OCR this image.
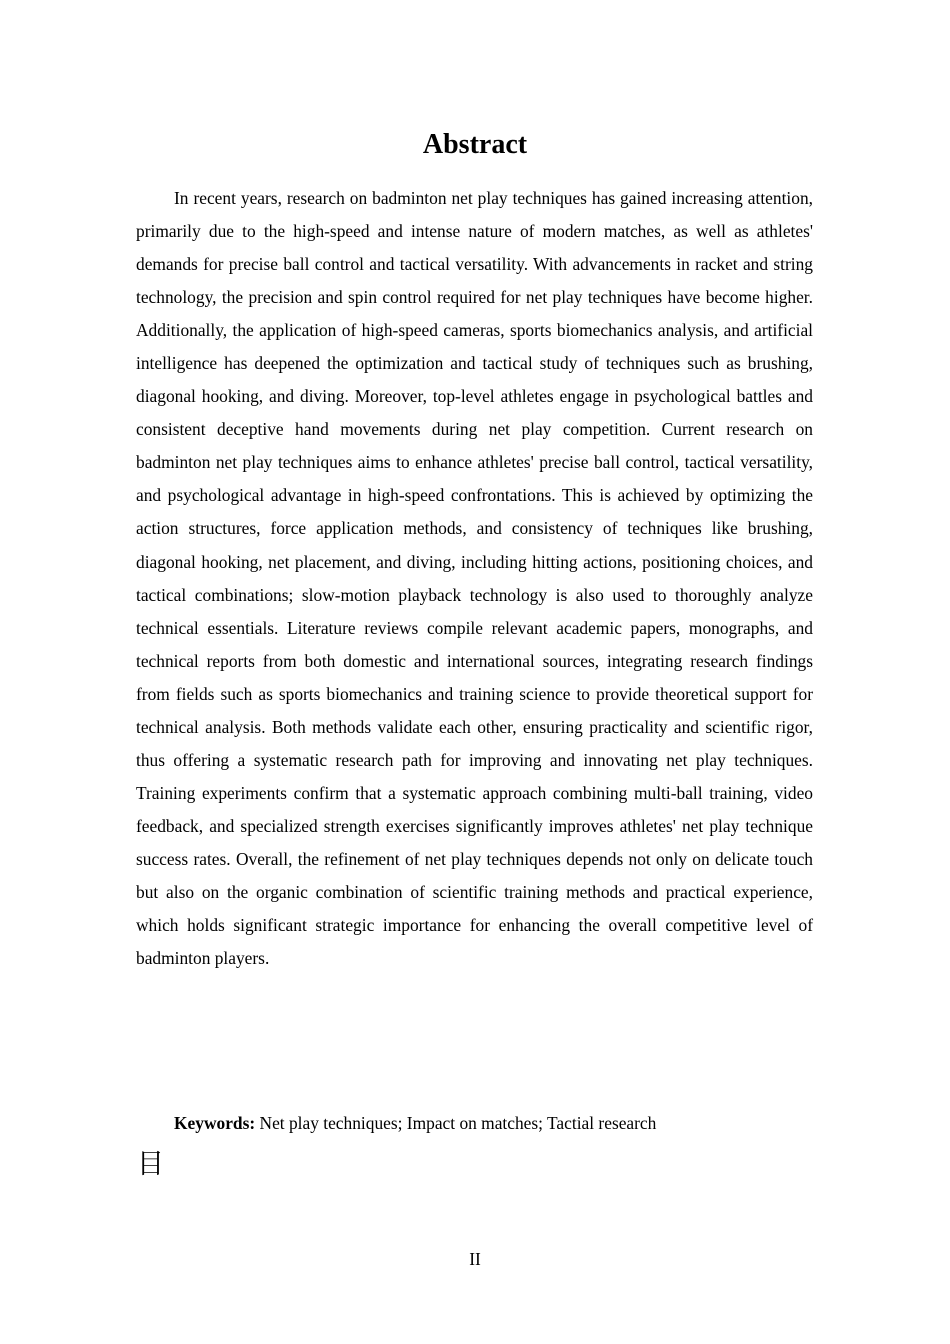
Abstract

In recent years, research on badminton net play techniques has gained increasing attention, primarily due to the high-speed and intense nature of modern matches, as well as athletes' demands for precise ball control and tactical versatility. With advancements in racket and string technology, the precision and spin control required for net play techniques have become higher. Additionally, the application of high-speed cameras, sports biomechanics analysis, and artificial intelligence has deepened the optimization and tactical study of techniques such as brushing, diagonal hooking, and diving. Moreover, top-level athletes engage in psychological battles and consistent deceptive hand movements during net play competition. Current research on badminton net play techniques aims to enhance athletes' precise ball control, tactical versatility, and psychological advantage in high-speed confrontations. This is achieved by optimizing the action structures, force application methods, and consistency of techniques like brushing, diagonal hooking, net placement, and diving, including hitting actions, positioning choices, and tactical combinations; slow-motion playback technology is also used to thoroughly analyze technical essentials. Literature reviews compile relevant academic papers, monographs, and technical reports from both domestic and international sources, integrating research findings from fields such as sports biomechanics and training science to provide theoretical support for technical analysis. Both methods validate each other, ensuring practicality and scientific rigor, thus offering a systematic research path for improving and innovating net play techniques. Training experiments confirm that a systematic approach combining multi-ball training, video feedback, and specialized strength exercises significantly improves athletes' net play technique success rates. Overall, the refinement of net play techniques depends not only on delicate touch but also on the organic combination of scientific training methods and practical experience, which holds significant strategic importance for enhancing the overall competitive level of badminton players.

Keywords: Net play techniques; Impact on matches; Tactial research
目
II
